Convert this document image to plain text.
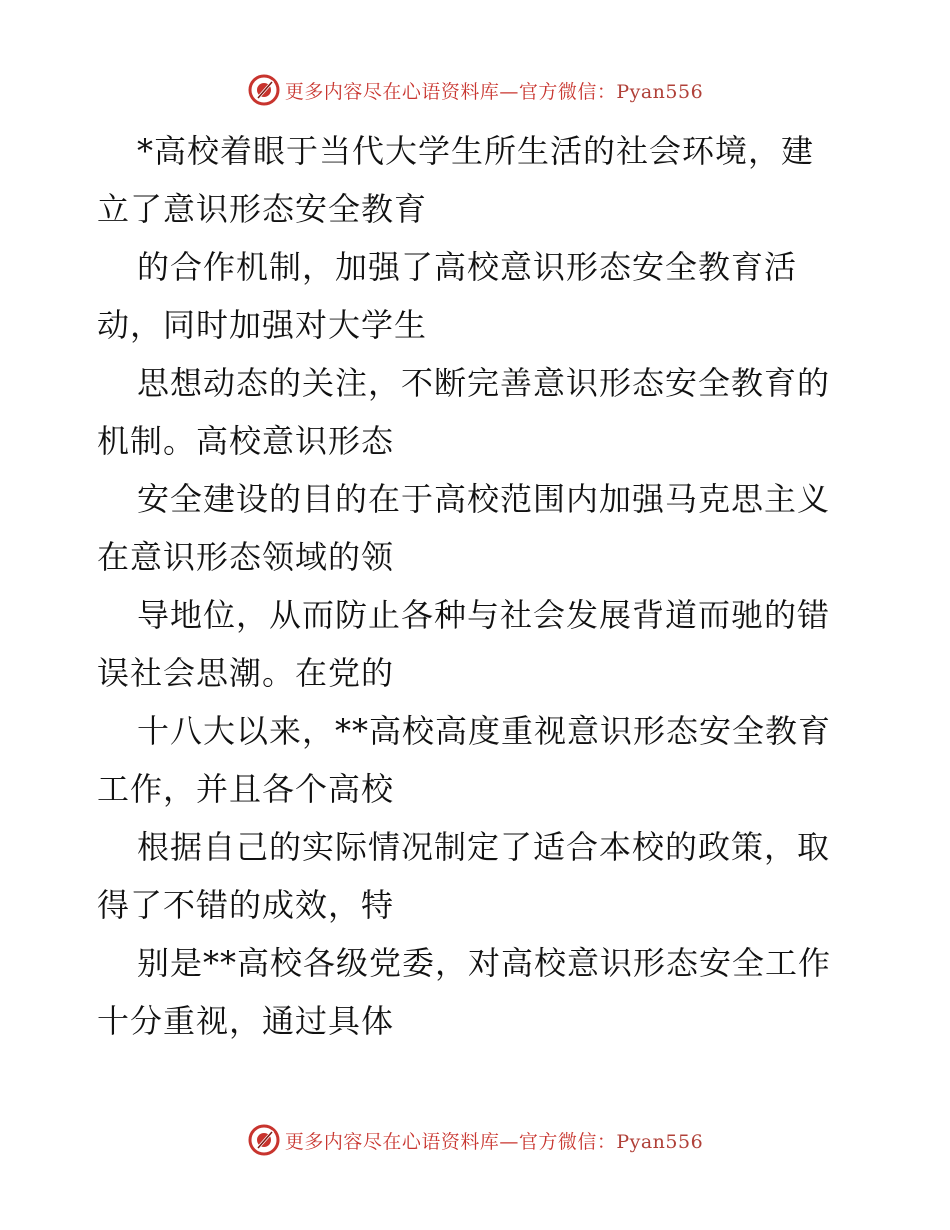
更多内容尽在心语资料库—官方微信：Pyan556
*高校着眼于当代大学生所生活的社会环境，建
立了意识形态安全教育
的合作机制，加强了高校意识形态安全教育活
动，同时加强对大学生
思想动态的关注，不断完善意识形态安全教育的
机制。高校意识形态
安全建设的目的在于高校范围内加强马克思主义
在意识形态领域的领
导地位，从而防止各种与社会发展背道而驰的错
误社会思潮。在党的
十八大以来，**高校高度重视意识形态安全教育
工作，并且各个高校
根据自己的实际情况制定了适合本校的政策，取
得了不错的成效，特
别是**高校各级党委，对高校意识形态安全工作
十分重视，通过具体
更多内容尽在心语资料库—官方微信：Pyan556
